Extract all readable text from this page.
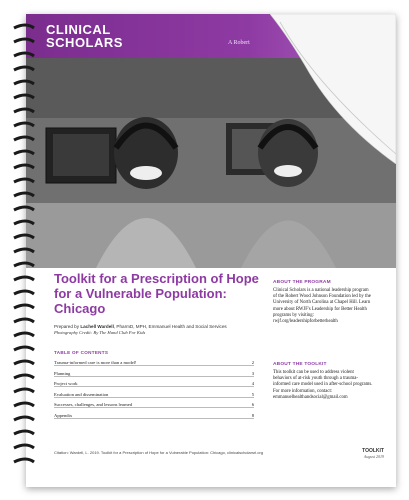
CLINICAL
SCHOLARS	A Robert
Toolkit for a Prescription of Hope for a Vulnerable Population: Chicago
Prepared by Lachell Wardell, PharmD, MPH, Emmanuel Health and Social Services
Photography Credit: By The Hand Club For Kids
TABLE OF CONTENTS
Trauma-informed care is more than a model!	2
Planning	3
Project work	4
Evaluation and dissemination	5
Successes, challenges, and lessons learned	6
Appendix	8
ABOUT THE PROGRAM
Clinical Scholars is a national leadership program of the Robert Wood Johnson Foundation led by the University of North Carolina at Chapel Hill. Learn more about RWJF's Leadership for Better Health programs by visiting: rwjf.org/leadershipforbetterhealth
ABOUT THE TOOLKIT
This toolkit can be used to address violent behaviors of at-risk youth through a trauma-informed care model used in after-school programs. For more information, contact: emmanuelhealthandsocial@gmail.com
Citation: Wardell, L. 2019. Toolkit for a Prescription of Hope for a Vulnerable Population: Chicago, clinicalscholarsrl.org	TOOLKIT
August 2019
